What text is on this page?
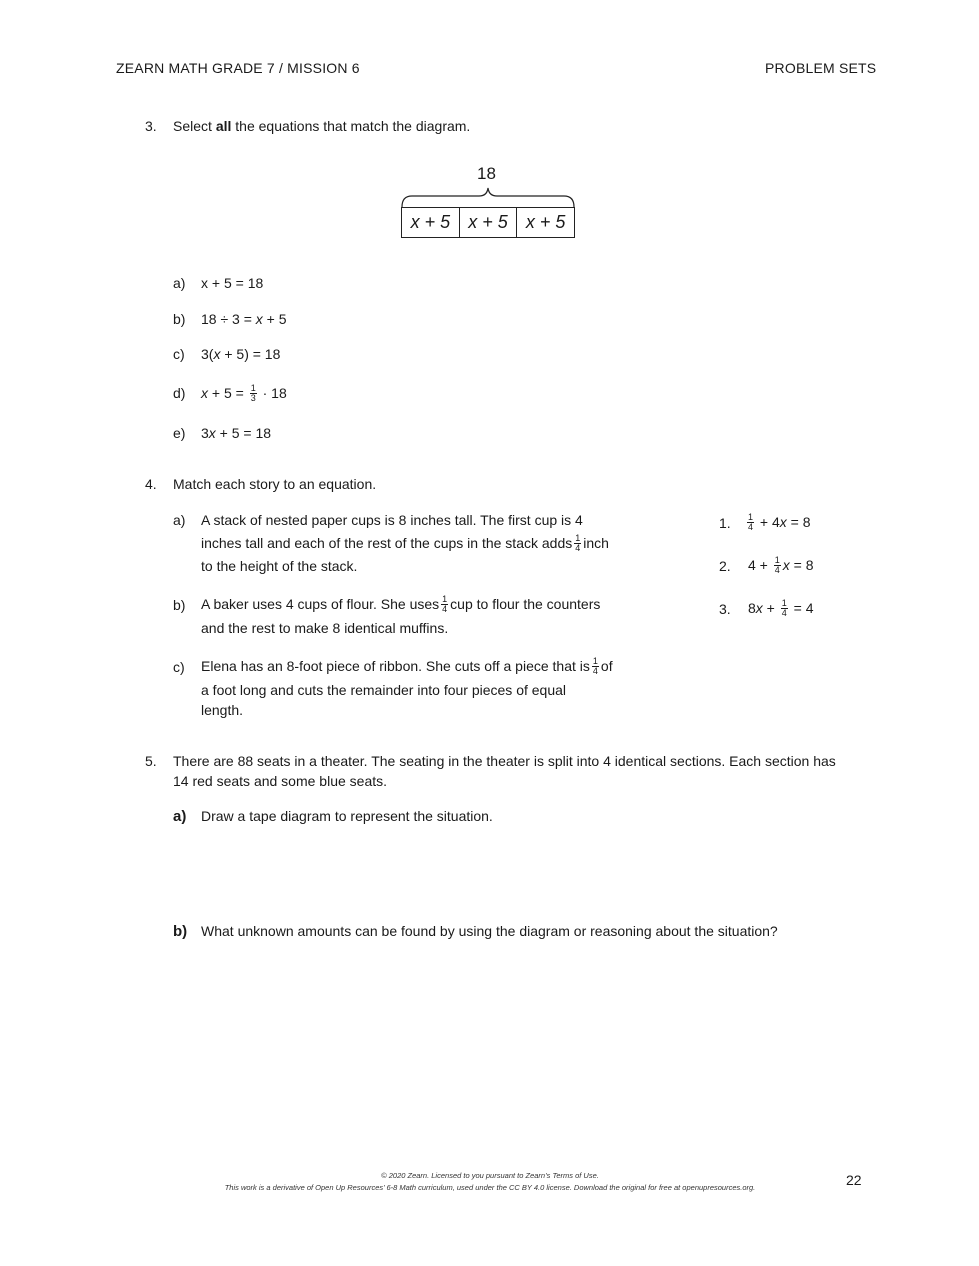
ZEARN MATH GRADE 7 / MISSION 6	PROBLEM SETS
3. Select all the equations that match the diagram.
18
x + 5	x + 5	x + 5
a) x + 5 = 18
b) 18 ÷ 3 = x + 5
c) 3(x + 5) = 18
d) $x + 5 = \frac{1}{3} \cdot 18$
e) 3x + 5 = 18
4. Match each story to an equation.
a) A stack of nested paper cups is 8 inches tall. The first cup is 4
inches tall and each of the rest of the cups in the stack adds $\frac{1}{4}$ inch
to the height of the stack.
b) A baker uses 4 cups of flour. She uses $\frac{1}{4}$ cup to flour the counters
and the rest to make 8 identical muffins.
c) Elena has an 8-foot piece of ribbon. She cuts off a piece that is $\frac{1}{4}$ of
a foot long and cuts the remainder into four pieces of equal
length.
1. $\frac{1}{4} + 4x = 8$
2. $4 + \frac{1}{4}$ x = 8
3. $8x + \frac{1}{4} = 4$
5. There are 88 seats in a theater. The seating in the theater is split into 4 identical sections. Each section has
14 red seats and some blue seats.
a) Draw a tape diagram to represent the situation.
b) What unknown amounts can be found by using the diagram or reasoning about the situation?
© 2020 Zearn. Licensed to you pursuant to Zearn’s Terms of Use.
This work is a derivative of Open Up Resources’ 6-8 Math curriculum, used under the CC BY 4.0 license. Download the original for free at openupresources.org.	22
